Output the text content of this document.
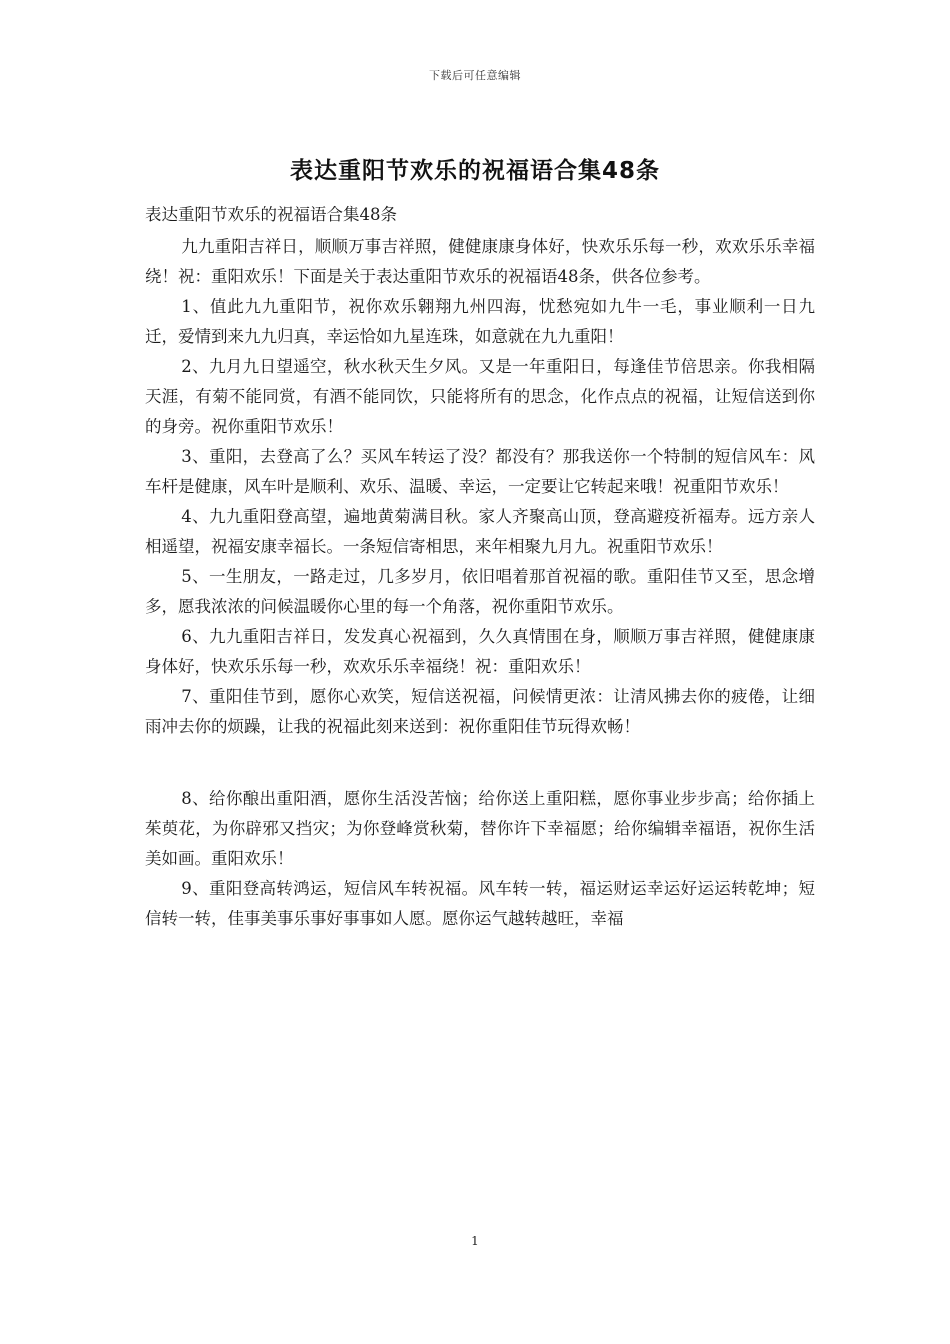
下载后可任意编辑
表达重阳节欢乐的祝福语合集48条

表达重阳节欢乐的祝福语合集48条

九九重阳吉祥日，顺顺万事吉祥照，健健康康身体好，快欢乐乐每一秒，欢欢乐乐幸福绕！祝：重阳欢乐！下面是关于表达重阳节欢乐的祝福语48条，供各位参考。

1、值此九九重阳节，祝你欢乐翱翔九州四海，忧愁宛如九牛一毛，事业顺利一日九迁，爱情到来九九归真，幸运恰如九星连珠，如意就在九九重阳！

2、九月九日望遥空，秋水秋天生夕风。又是一年重阳日，每逢佳节倍思亲。你我相隔天涯，有菊不能同赏，有酒不能同饮，只能将所有的思念，化作点点的祝福，让短信送到你的身旁。祝你重阳节欢乐！

3、重阳，去登高了么？买风车转运了没？都没有？那我送你一个特制的短信风车：风车杆是健康，风车叶是顺利、欢乐、温暖、幸运，一定要让它转起来哦！祝重阳节欢乐！

4、九九重阳登高望，遍地黄菊满目秋。家人齐聚高山顶，登高避疫祈福寿。远方亲人相遥望，祝福安康幸福长。一条短信寄相思，来年相聚九月九。祝重阳节欢乐！

5、一生朋友，一路走过，几多岁月，依旧唱着那首祝福的歌。重阳佳节又至，思念增多，愿我浓浓的问候温暖你心里的每一个角落，祝你重阳节欢乐。

6、九九重阳吉祥日，发发真心祝福到，久久真情围在身，顺顺万事吉祥照，健健康康身体好，快欢乐乐每一秒，欢欢乐乐幸福绕！祝：重阳欢乐！

7、重阳佳节到，愿你心欢笑，短信送祝福，问候情更浓：让清风拂去你的疲倦，让细雨冲去你的烦躁，让我的祝福此刻来送到：祝你重阳佳节玩得欢畅！

8、给你酿出重阳酒，愿你生活没苦恼；给你送上重阳糕，愿你事业步步高；给你插上茱萸花，为你辟邪又挡灾；为你登峰赏秋菊，替你许下幸福愿；给你编辑幸福语，祝你生活美如画。重阳欢乐！

9、重阳登高转鸿运，短信风车转祝福。风车转一转，福运财运幸运好运运转乾坤；短信转一转，佳事美事乐事好事事如人愿。愿你运气越转越旺，幸福

1
